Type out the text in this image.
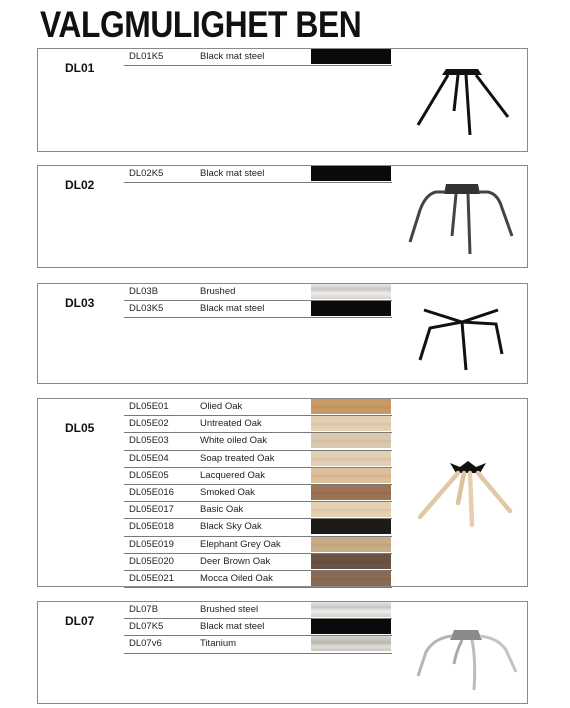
VALGMULIGHET BEN
DL01
DL01K5	Black mat steel
DL02
DL02K5	Black mat steel
DL03
DL03B	Brushed
DL03K5	Black mat steel
DL05
DL05E01	Olied Oak
DL05E02	Untreated Oak
DL05E03	White oiled Oak
DL05E04	Soap treated Oak
DL05E05	Lacquered Oak
DL05E016	Smoked Oak
DL05E017	Basic Oak
DL05E018	Black Sky Oak
DL05E019	Elephant Grey Oak
DL05E020	Deer Brown Oak
DL05E021	Mocca Oiled Oak
DL07
DL07B	Brushed steel
DL07K5	Black mat steel
DL07v6	Titanium
